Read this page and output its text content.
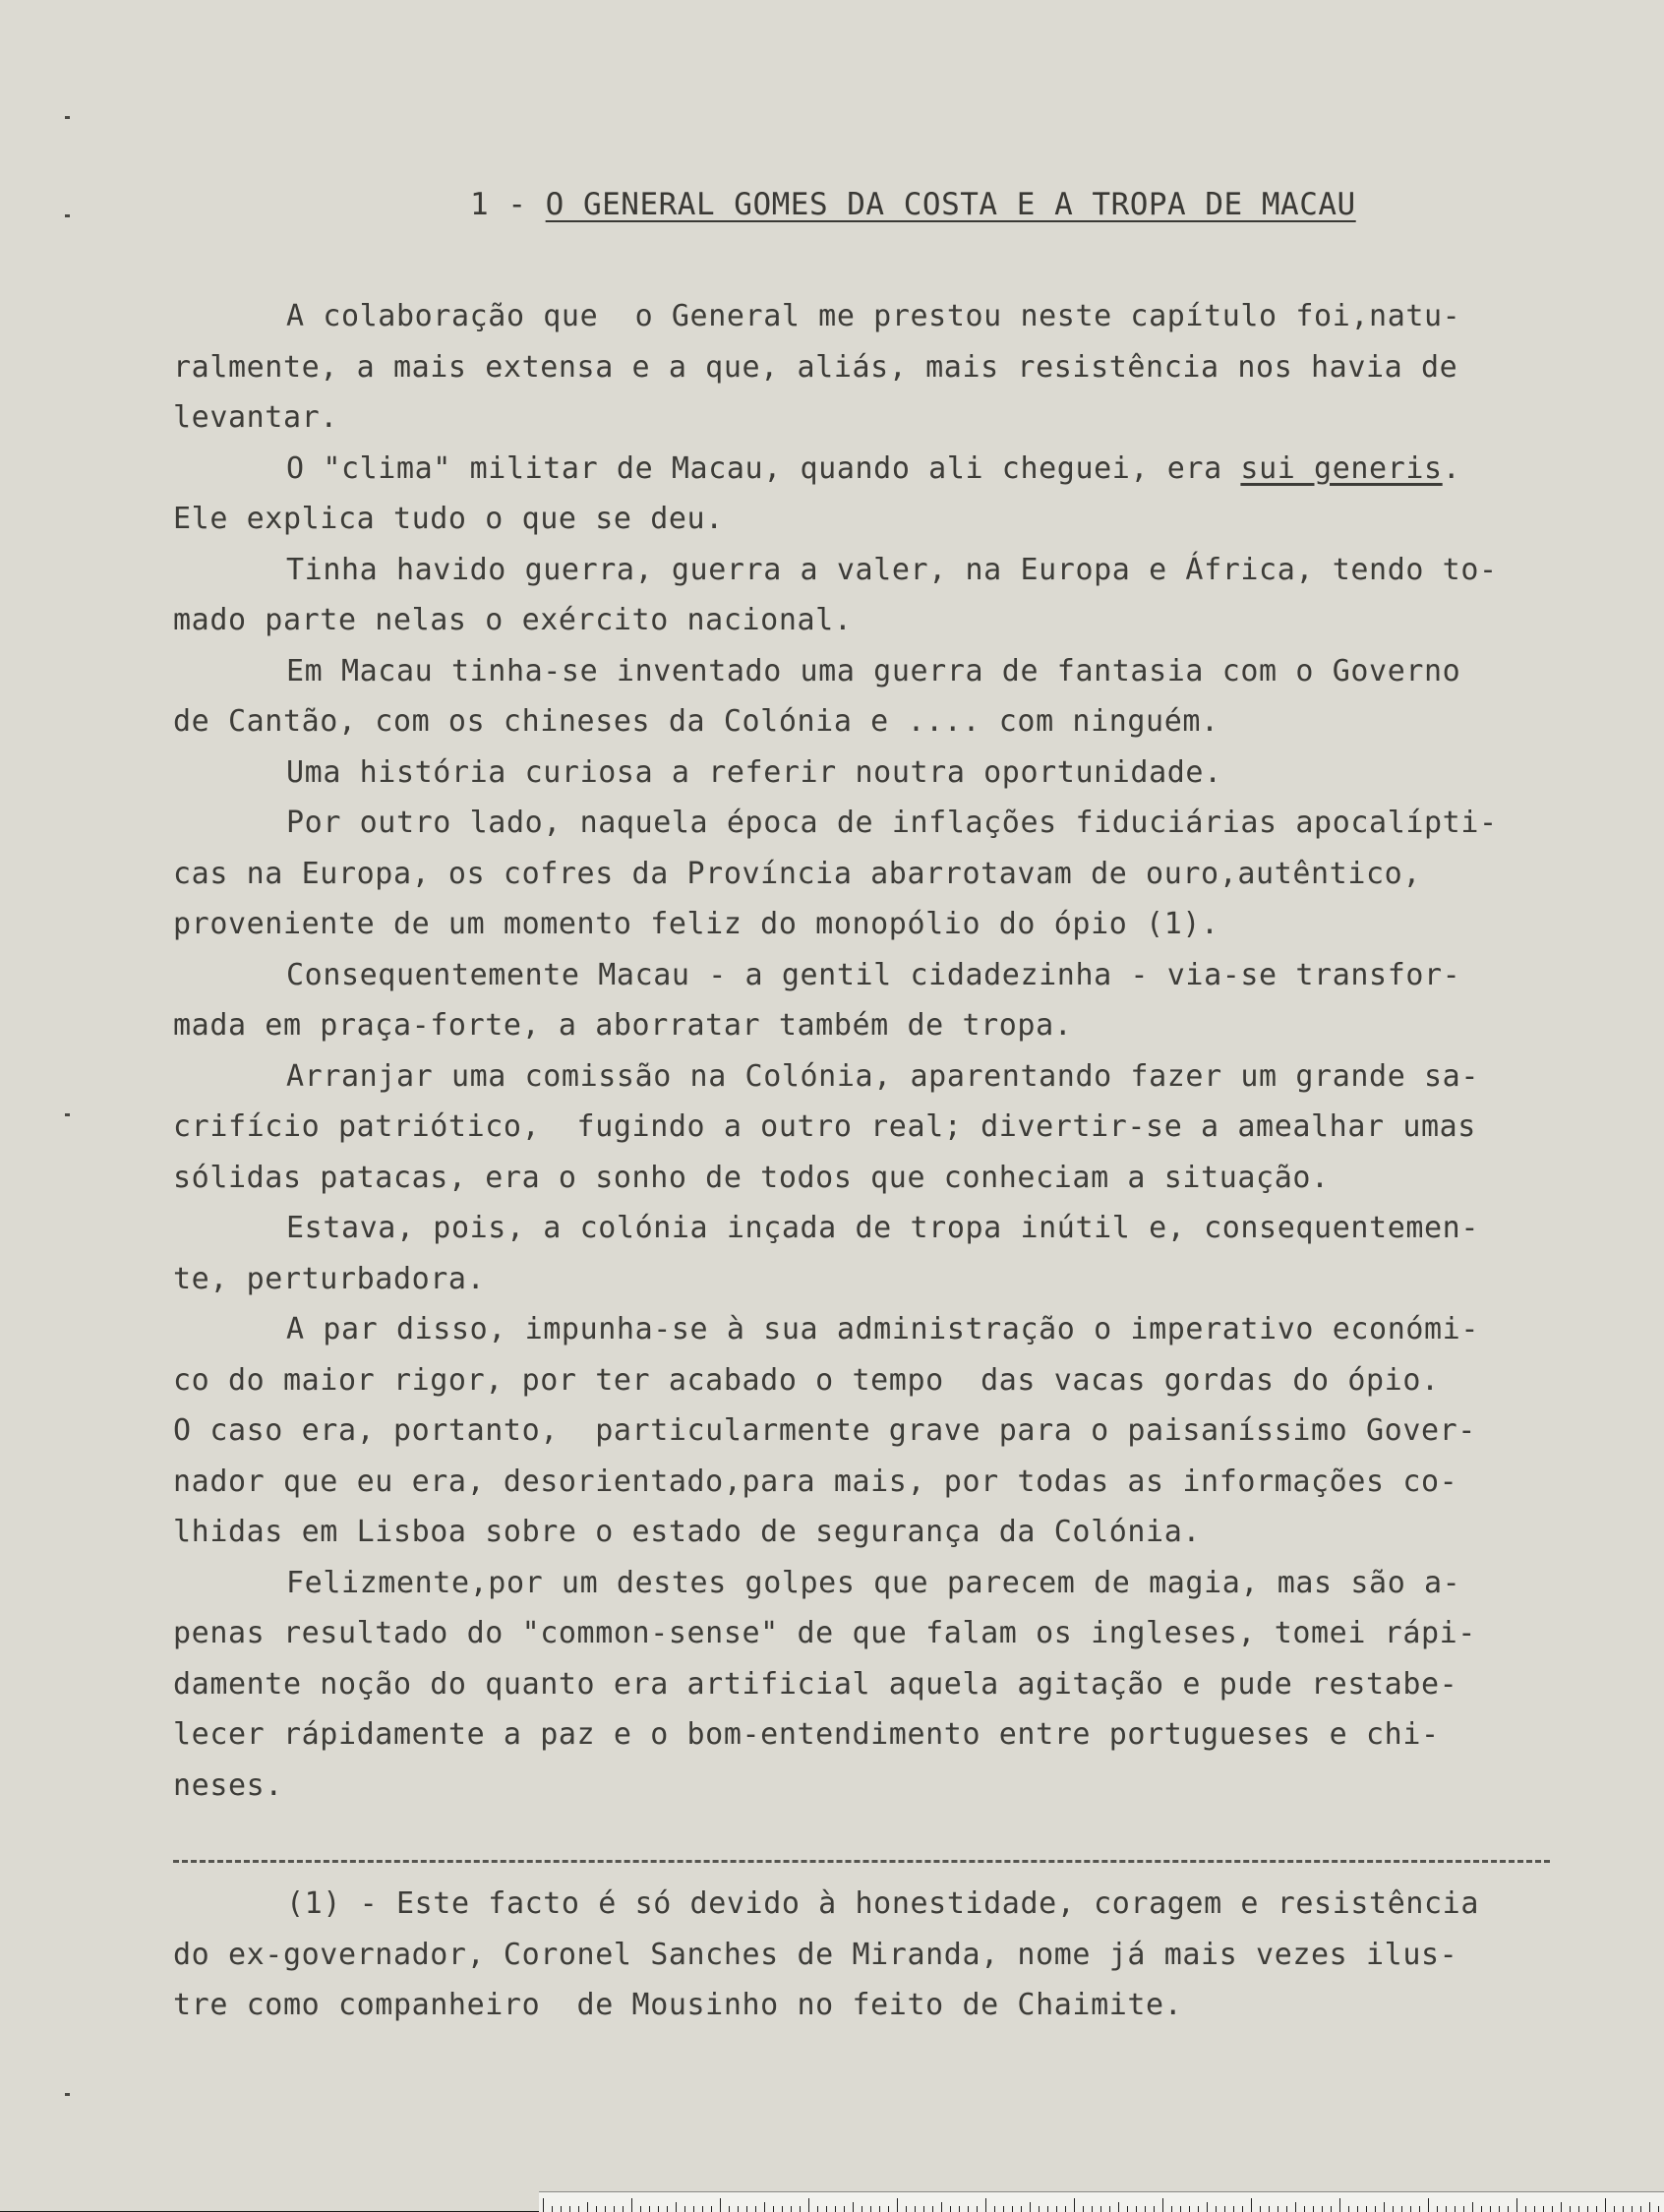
1 - O GENERAL GOMES DA COSTA E A TROPA DE MACAU
A colaboração que  o General me prestou neste capítulo foi,natu-
ralmente, a mais extensa e a que, aliás, mais resistência nos havia de
levantar.
O "clima" militar de Macau, quando ali cheguei, era sui generis.
Ele explica tudo o que se deu.
Tinha havido guerra, guerra a valer, na Europa e África, tendo to-
mado parte nelas o exército nacional.
Em Macau tinha-se inventado uma guerra de fantasia com o Governo
de Cantão, com os chineses da Colónia e .... com ninguém.
Uma história curiosa a referir noutra oportunidade.
Por outro lado, naquela época de inflações fiduciárias apocalípti-
cas na Europa, os cofres da Província abarrotavam de ouro,autêntico,
proveniente de um momento feliz do monopólio do ópio (1).
Consequentemente Macau - a gentil cidadezinha - via-se transfor-
mada em praça-forte, a aborratar também de tropa.
Arranjar uma comissão na Colónia, aparentando fazer um grande sa-
crifício patriótico,  fugindo a outro real; divertir-se a amealhar umas
sólidas patacas, era o sonho de todos que conheciam a situação.
Estava, pois, a colónia inçada de tropa inútil e, consequentemen-
te, perturbadora.
A par disso, impunha-se à sua administração o imperativo económi-
co do maior rigor, por ter acabado o tempo  das vacas gordas do ópio.
O caso era, portanto,  particularmente grave para o paisaníssimo Gover-
nador que eu era, desorientado,para mais, por todas as informações co-
lhidas em Lisboa sobre o estado de segurança da Colónia.
Felizmente,por um destes golpes que parecem de magia, mas são a-
penas resultado do "common-sense" de que falam os ingleses, tomei rápi-
damente noção do quanto era artificial aquela agitação e pude restabe-
lecer rápidamente a paz e o bom-entendimento entre portugueses e chi-
neses.
(1) - Este facto é só devido à honestidade, coragem e resistência
do ex-governador, Coronel Sanches de Miranda, nome já mais vezes ilus-
tre como companheiro  de Mousinho no feito de Chaimite.
